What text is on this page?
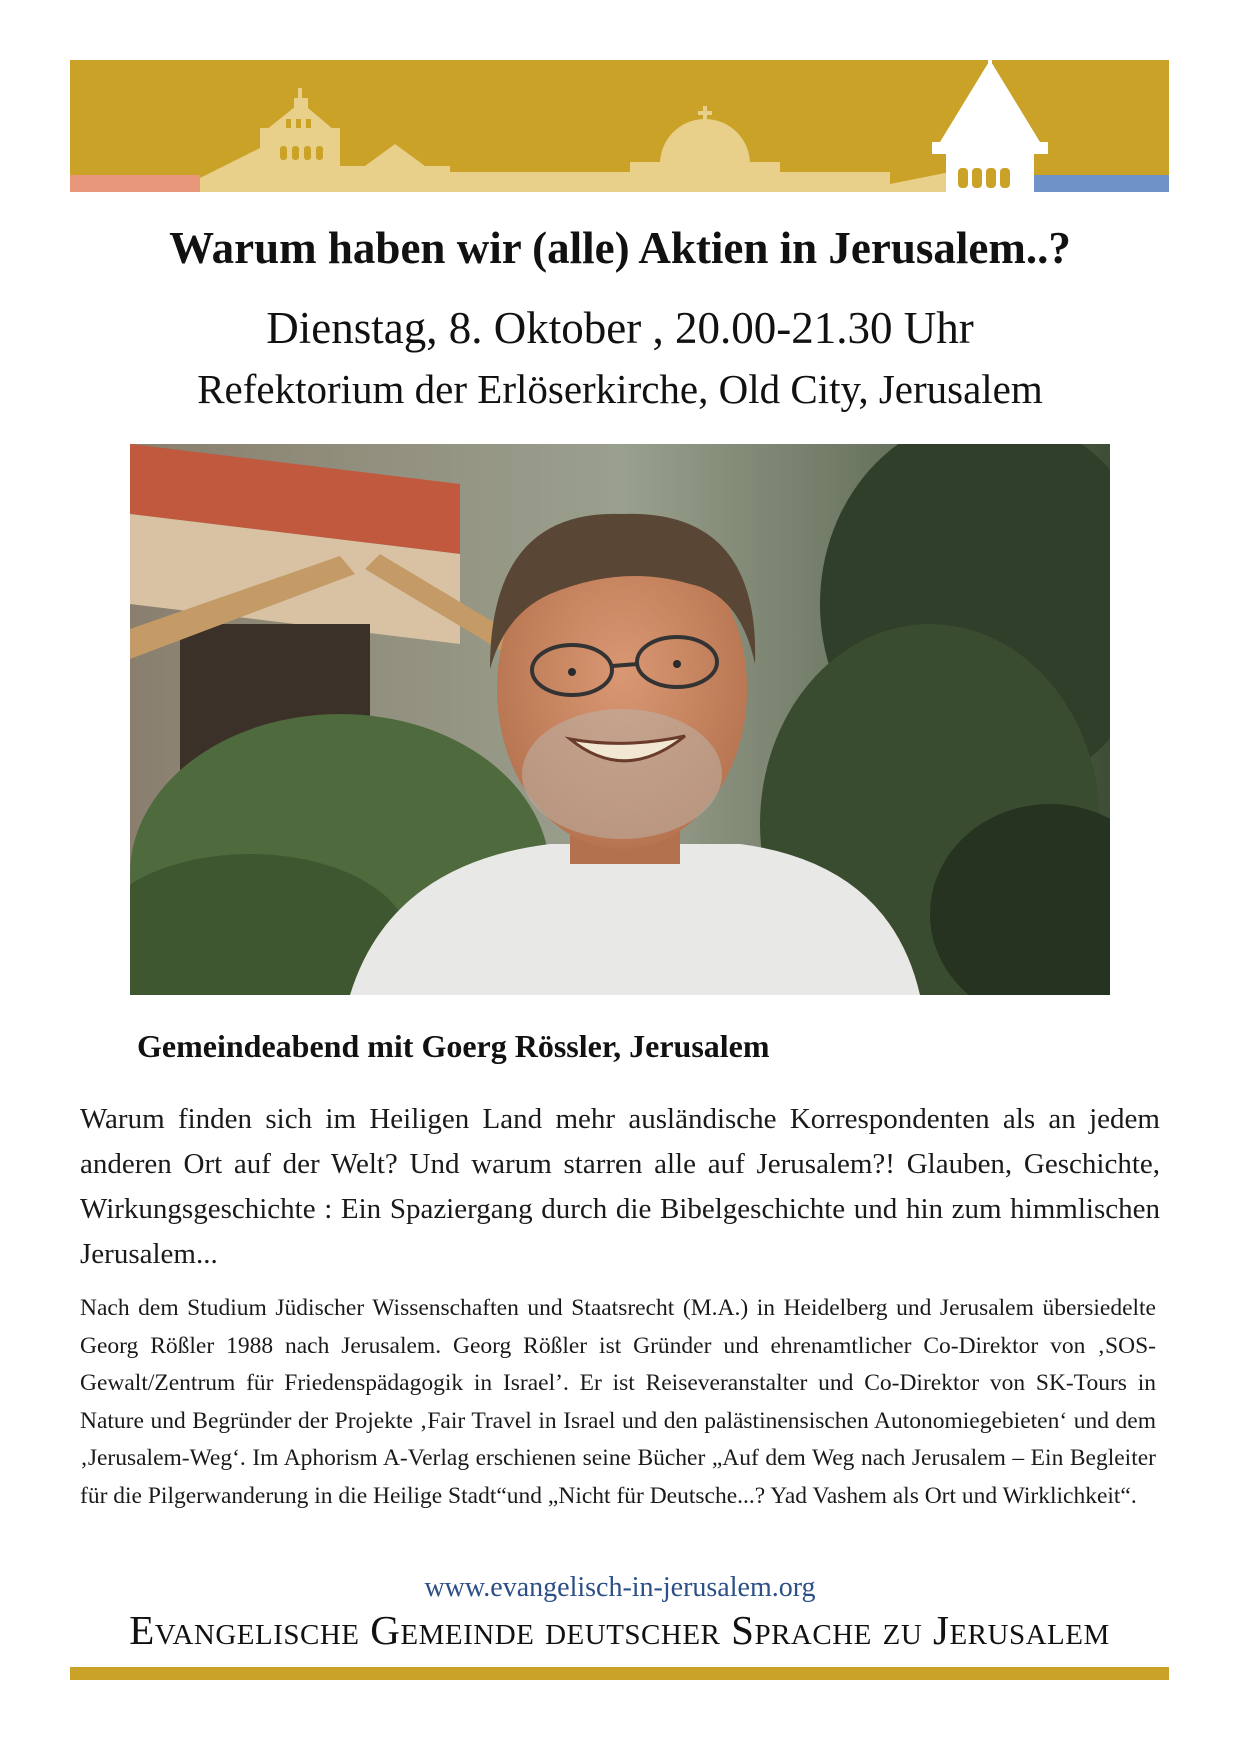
Warum haben wir (alle) Aktien in Jerusalem..?
Dienstag, 8. Oktober , 20.00-21.30 Uhr
Refektorium der Erlöserkirche, Old City, Jerusalem
Gemeindeabend mit Goerg Rössler, Jerusalem
Warum finden sich im Heiligen Land mehr ausländische Korrespondenten als an jedem anderen Ort auf der Welt? Und warum starren alle auf Jerusalem?! Glauben, Geschichte, Wirkungsgeschichte : Ein Spaziergang durch die Bibelgeschichte und hin zum himmlischen Jerusalem...
Nach dem Studium Jüdischer Wissenschaften und Staatsrecht (M.A.) in Heidelberg und Jerusalem übersiedelte Georg Rößler 1988 nach Jerusalem. Georg Rößler ist Gründer und ehrenamtlicher Co-Direktor von ‚SOS-Gewalt/Zentrum für Friedenspädagogik in Israel’. Er ist Reiseveranstalter und Co-Direktor von SK-Tours in Nature und Begründer der Projekte ‚Fair Travel in Israel und den palästinensischen Autonomiegebieten‘ und dem ‚Jerusalem-Weg‘. Im Aphorism A-Verlag erschienen seine Bücher „Auf dem Weg nach Jerusalem – Ein Begleiter für die Pilgerwanderung in die Heilige Stadt“und „Nicht für Deutsche...? Yad Vashem als Ort und Wirklichkeit“.
www.evangelisch-in-jerusalem.org
Evangelische Gemeinde deutscher Sprache zu Jerusalem
